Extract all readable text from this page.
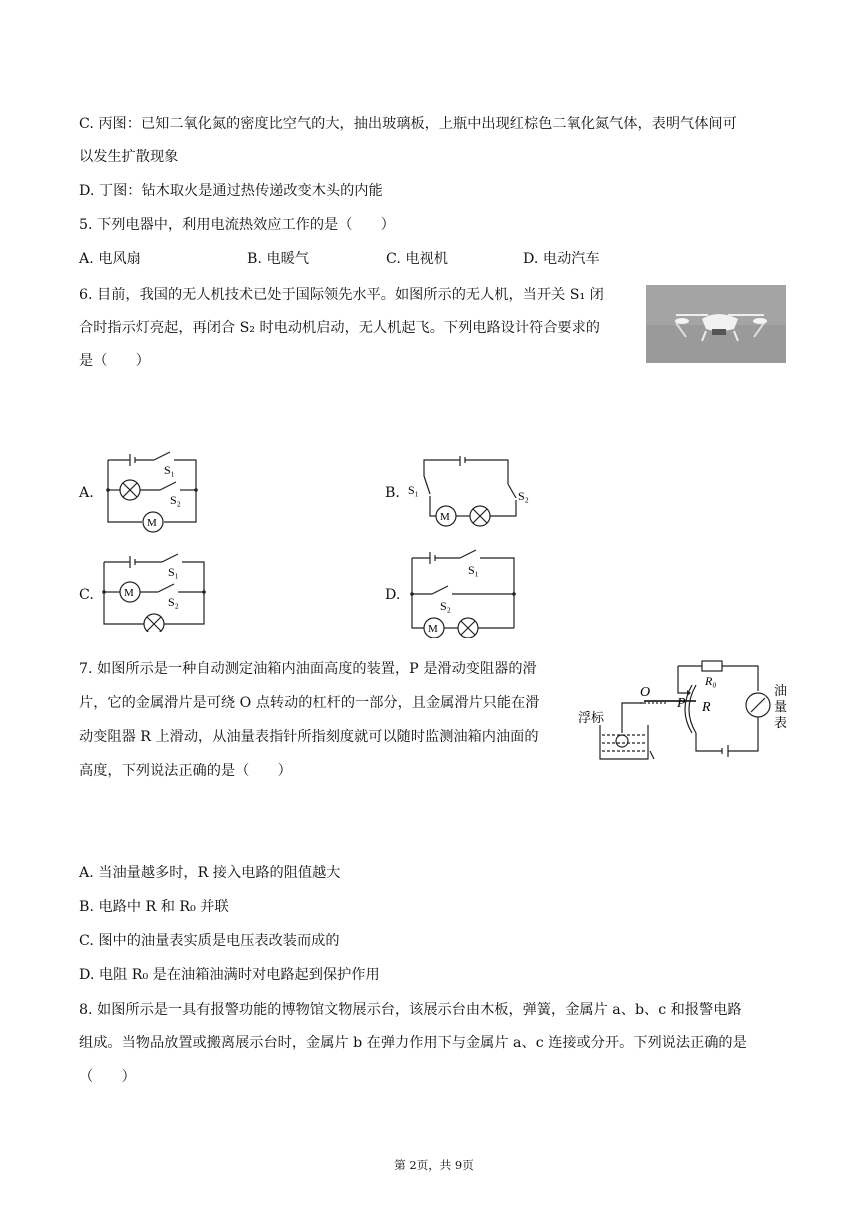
C. 丙图：已知二氧化氮的密度比空气的大，抽出玻璃板，上瓶中出现红棕色二氧化氮气体，表明气体间可
以发生扩散现象
D. 丁图：钻木取火是通过热传递改变木头的内能
5. 下列电器中，利用电流热效应工作的是（　　）
A. 电风扇	B. 电暖气	C. 电视机	D. 电动汽车
6. 目前，我国的无人机技术已处于国际领先水平。如图所示的无人机，当开关 S₁ 闭
合时指示灯亮起，再闭合 S₂ 时电动机启动，无人机起飞。下列电路设计符合要求的
是（　　）
A.
M
S₁
S₂	B.
M
S₁	S₂
C.	M
S₁
S₂	D.
M
S₁
S₂
7. 如图所示是一种自动测定油箱内油面高度的装置，P 是滑动变阻器的滑
片，它的金属滑片是可绕 O 点转动的杠杆的一部分，且金属滑片只能在滑
动变阻器 R 上滑动，从油量表指针所指刻度就可以随时监测油箱内油面的
高度，下列说法正确的是（　　）
O
P R
R₀
浮标
油
量
表
A. 当油量越多时，R 接入电路的阻值越大
B. 电路中 R 和 R₀ 并联
C. 图中的油量表实质是电压表改装而成的
D. 电阻 R₀ 是在油箱油满时对电路起到保护作用
8. 如图所示是一具有报警功能的博物馆文物展示台，该展示台由木板，弹簧，金属片 a、b、c 和报警电路
组成。当物品放置或搬离展示台时，金属片 b 在弹力作用下与金属片 a、c 连接或分开。下列说法正确的是
（　　）
第 2页，共 9页
